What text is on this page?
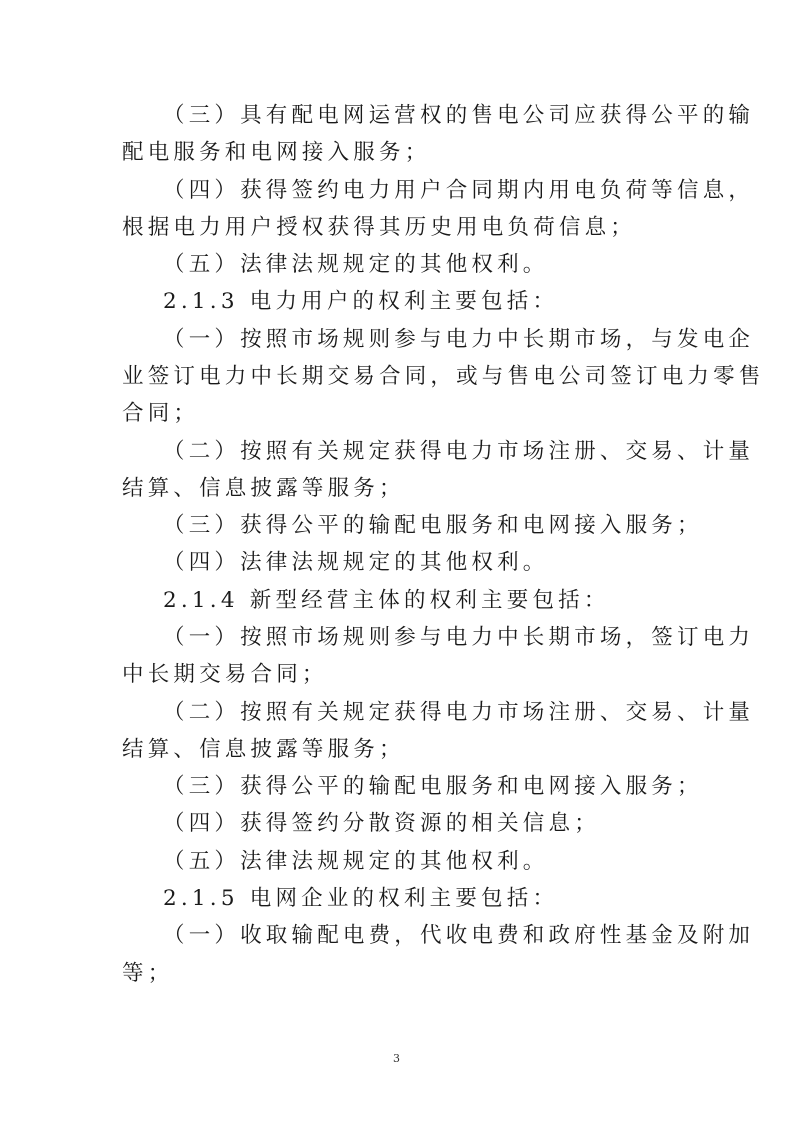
（三）具有配电网运营权的售电公司应获得公平的输
配电服务和电网接入服务；
（四）获得签约电力用户合同期内用电负荷等信息，
根据电力用户授权获得其历史用电负荷信息；
（五）法律法规规定的其他权利。
2.1.3 电力用户的权利主要包括：
（一）按照市场规则参与电力中长期市场，与发电企
业签订电力中长期交易合同，或与售电公司签订电力零售
合同；
（二）按照有关规定获得电力市场注册、交易、计量
结算、信息披露等服务；
（三）获得公平的输配电服务和电网接入服务；
（四）法律法规规定的其他权利。
2.1.4 新型经营主体的权利主要包括：
（一）按照市场规则参与电力中长期市场，签订电力
中长期交易合同；
（二）按照有关规定获得电力市场注册、交易、计量
结算、信息披露等服务；
（三）获得公平的输配电服务和电网接入服务；
（四）获得签约分散资源的相关信息；
（五）法律法规规定的其他权利。
2.1.5 电网企业的权利主要包括：
（一）收取输配电费，代收电费和政府性基金及附加
等；
3
